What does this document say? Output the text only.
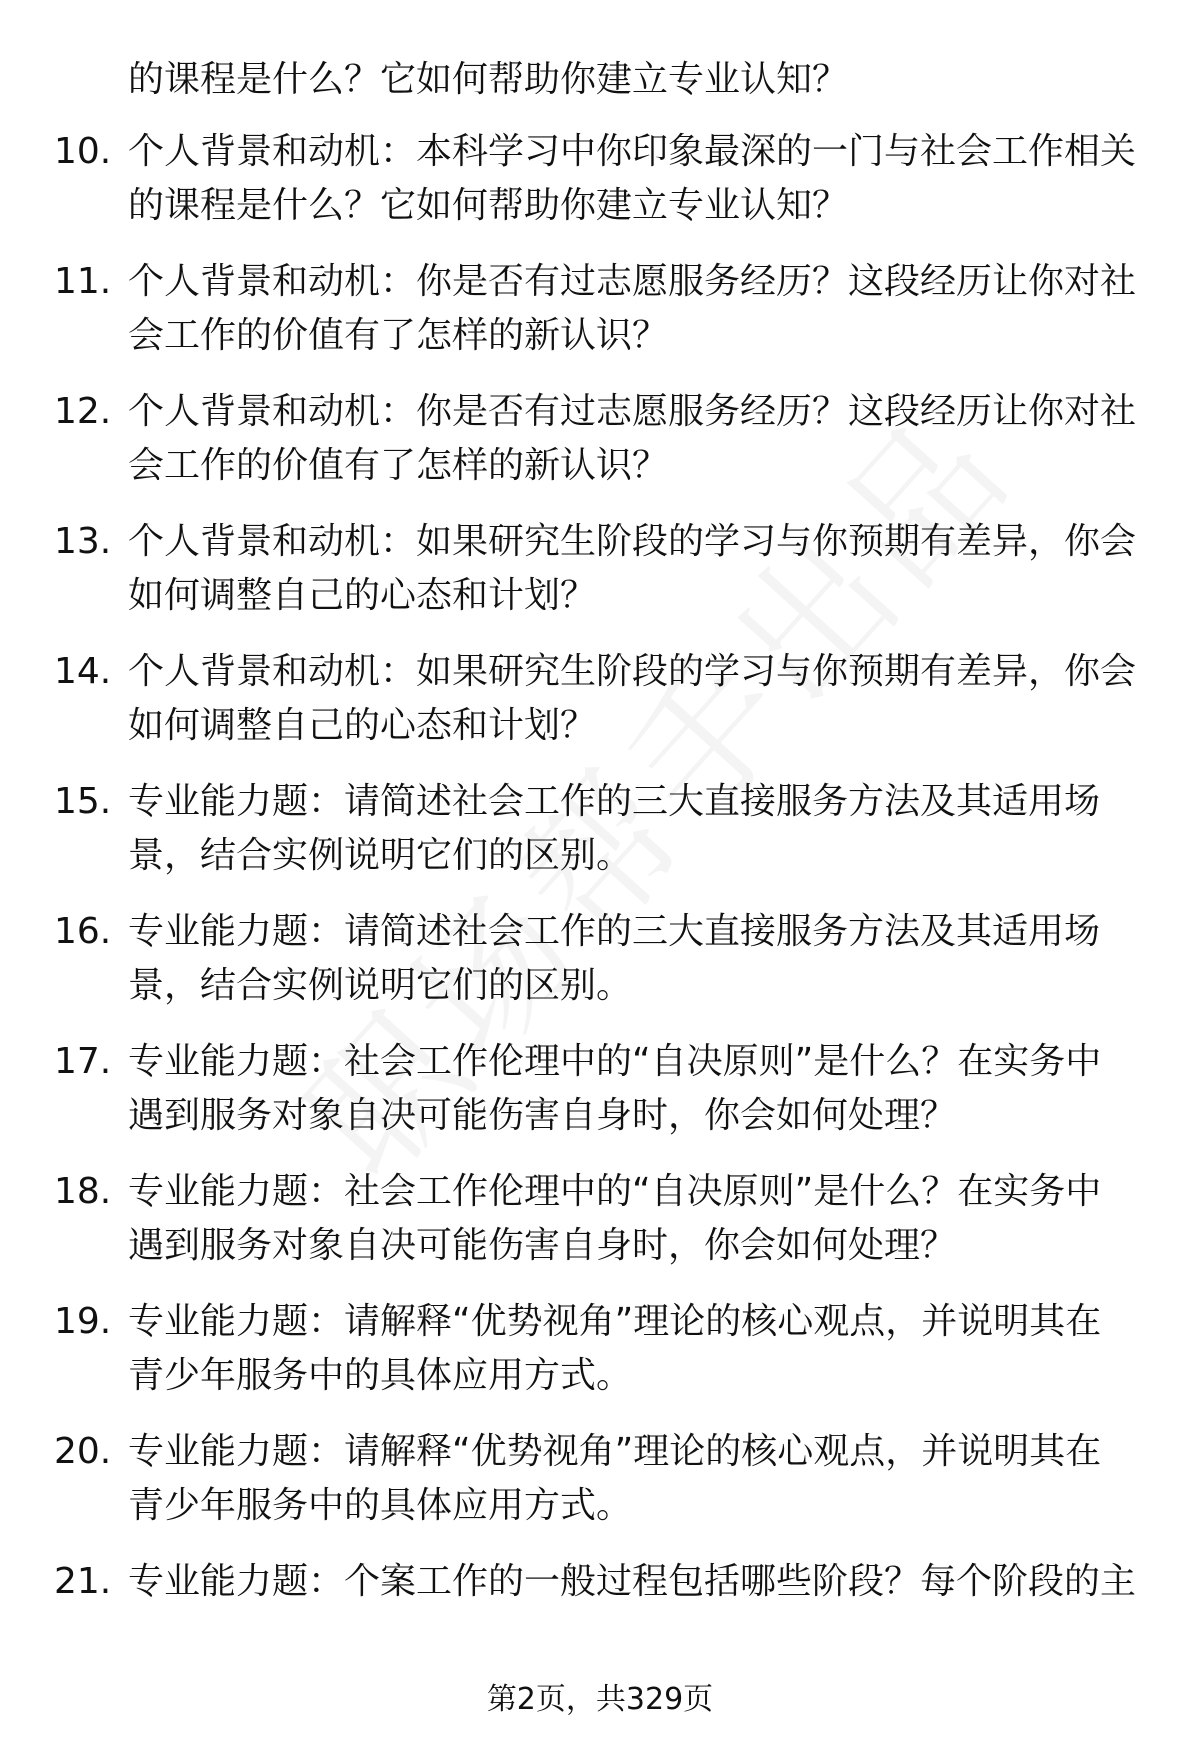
的课程是什么？它如何帮助你建立专业认知？
10. 个人背景和动机：本科学习中你印象最深的一门与社会工作相关
的课程是什么？它如何帮助你建立专业认知？
11. 个人背景和动机：你是否有过志愿服务经历？这段经历让你对社
会工作的价值有了怎样的新认识？
12. 个人背景和动机：你是否有过志愿服务经历？这段经历让你对社
会工作的价值有了怎样的新认识？
13. 个人背景和动机：如果研究生阶段的学习与你预期有差异，你会
如何调整自己的心态和计划？
14. 个人背景和动机：如果研究生阶段的学习与你预期有差异，你会
如何调整自己的心态和计划？
15. 专业能力题：请简述社会工作的三大直接服务方法及其适用场
景，结合实例说明它们的区别。
16. 专业能力题：请简述社会工作的三大直接服务方法及其适用场
景，结合实例说明它们的区别。
17. 专业能力题：社会工作伦理中的“自决原则”是什么？在实务中
遇到服务对象自决可能伤害自身时，你会如何处理？
18. 专业能力题：社会工作伦理中的“自决原则”是什么？在实务中
遇到服务对象自决可能伤害自身时，你会如何处理？
19. 专业能力题：请解释“优势视角”理论的核心观点，并说明其在
青少年服务中的具体应用方式。
20. 专业能力题：请解释“优势视角”理论的核心观点，并说明其在
青少年服务中的具体应用方式。
21. 专业能力题：个案工作的一般过程包括哪些阶段？每个阶段的主
第2页，共329页
